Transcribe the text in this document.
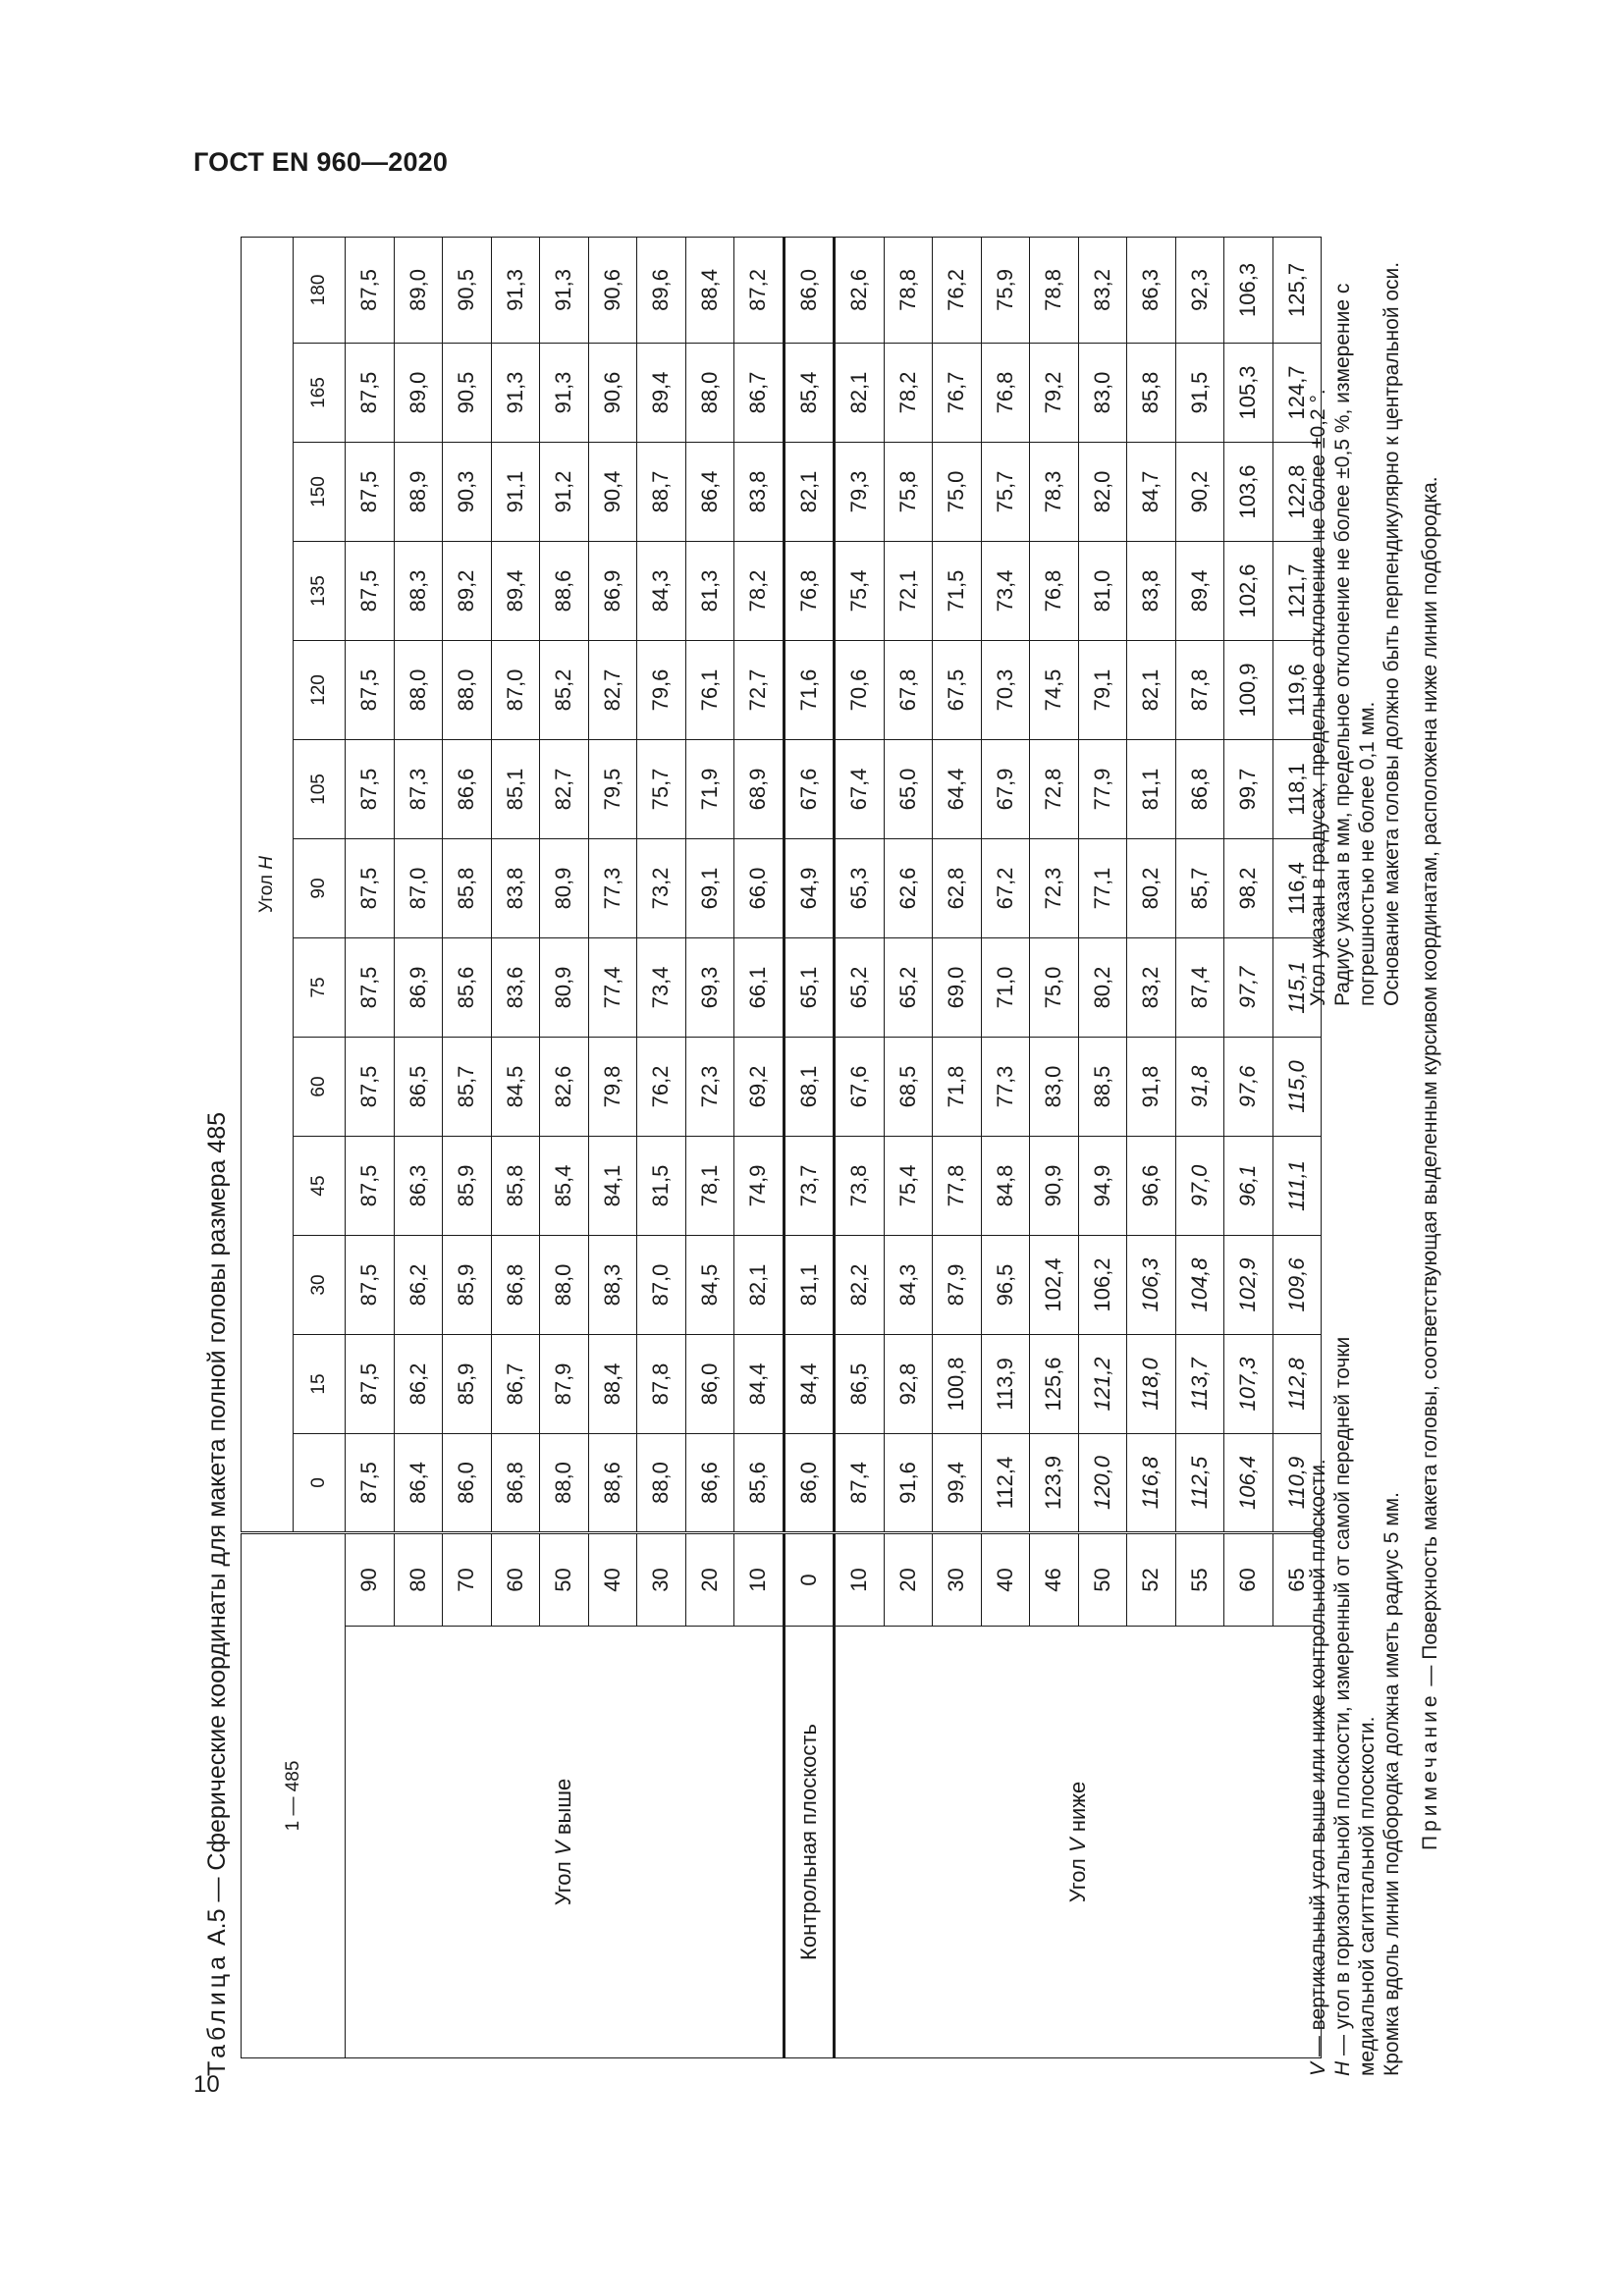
ГОСТ EN 960—2020
10
Таблица А.5 — Сферические координаты для макета полной головы размера 485	1 — 485		Угол H												
		0	15	30	45	60	75	90	105	120	135	150	165	180
Угол V выше	90	87,5	87,5	87,5	87,5	87,5	87,5	87,5	87,5	87,5	87,5	87,5	87,5	87,5
	80	86,4	86,2	86,2	86,3	86,5	86,9	87,0	87,3	88,0	88,3	88,9	89,0	89,0
	70	86,0	85,9	85,9	85,9	85,7	85,6	85,8	86,6	88,0	89,2	90,3	90,5	90,5
	60	86,8	86,7	86,8	85,8	84,5	83,6	83,8	85,1	87,0	89,4	91,1	91,3	91,3
	50	88,0	87,9	88,0	85,4	82,6	80,9	80,9	82,7	85,2	88,6	91,2	91,3	91,3
	40	88,6	88,4	88,3	84,1	79,8	77,4	77,3	79,5	82,7	86,9	90,4	90,6	90,6
	30	88,0	87,8	87,0	81,5	76,2	73,4	73,2	75,7	79,6	84,3	88,7	89,4	89,6
	20	86,6	86,0	84,5	78,1	72,3	69,3	69,1	71,9	76,1	81,3	86,4	88,0	88,4
	10	85,6	84,4	82,1	74,9	69,2	66,1	66,0	68,9	72,7	78,2	83,8	86,7	87,2
Контрольная плоскость	0	86,0	84,4	81,1	73,7	68,1	65,1	64,9	67,6	71,6	76,8	82,1	85,4	86,0
Угол V ниже	10	87,4	86,5	82,2	73,8	67,6	65,2	65,3	67,4	70,6	75,4	79,3	82,1	82,6
	20	91,6	92,8	84,3	75,4	68,5	65,2	62,6	65,0	67,8	72,1	75,8	78,2	78,8
	30	99,4	100,8	87,9	77,8	71,8	69,0	62,8	64,4	67,5	71,5	75,0	76,7	76,2
	40	112,4	113,9	96,5	84,8	77,3	71,0	67,2	67,9	70,3	73,4	75,7	76,8	75,9
	46	123,9	125,6	102,4	90,9	83,0	75,0	72,3	72,8	74,5	76,8	78,3	79,2	78,8
	50	120,0	121,2	106,2	94,9	88,5	80,2	77,1	77,9	79,1	81,0	82,0	83,0	83,2
	52	116,8	118,0	106,3	96,6	91,8	83,2	80,2	81,1	82,1	83,8	84,7	85,8	86,3
	55	112,5	113,7	104,8	97,0	91,8	87,4	85,7	86,8	87,8	89,4	90,2	91,5	92,3
	60	106,4	107,3	102,9	96,1	97,6	97,7	98,2	99,7	100,9	102,6	103,6	105,3	106,3
	65	110,9	112,8	109,6	111,1	115,0	115,1	116,4	118,1	119,6	121,7	122,8	124,7	125,7
V — вертикальный угол выше или ниже контрольной плоскости.
H — угол в горизонтальной плоскости, измеренный от самой передней точки медиальной сагиттальной плоскости. Кромка вдоль линии подбородка должна иметь радиус 5 мм.
Угол указан в градусах, предельное отклонение не более ±0,2 °. Радиус указан в мм, предельное отклонение не более ±0,5 %, измерение с погрешностью не более 0,1 мм. Основание макета головы должно быть перпендикулярно к центральной оси.
Примечание — Поверхность макета головы, соответствующая выделенным курсивом координатам, расположена ниже линии подбородка.
